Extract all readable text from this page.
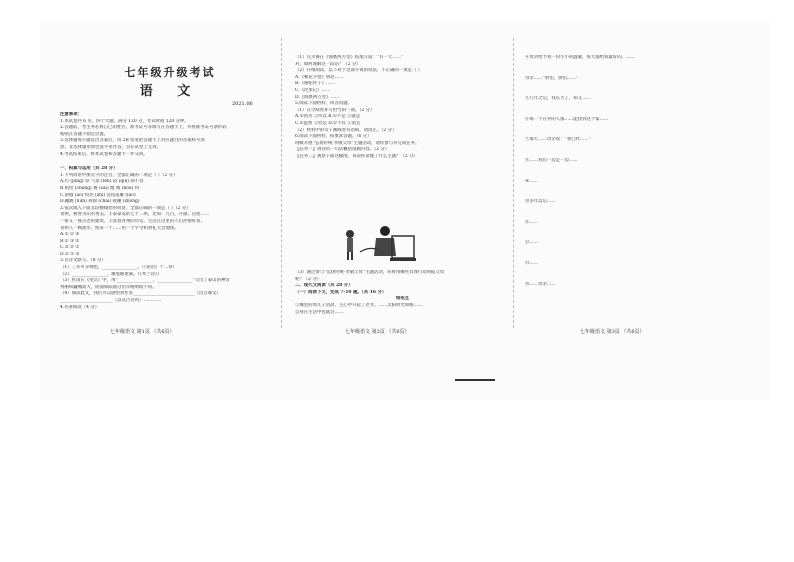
七年级升级考试
语 文
2021.06
注意事项：
1.本试卷共 6 页，四个大题，满分 120 分，考试时间 120 分钟。
2.答题前，考生务必将自己的姓名、准考证号等填写在答题卡上，并将准考证号条形码
粘贴在答题卡指定位置。
3.选择题每小题选出答案后，用 2B 铅笔把答题卡上对应题目的答案标号涂
黑；非选择题用黑色签字笔作答，答在试卷上无效。
4.考试结束后，将本试卷和答题卡一并交回。
一、积累与运用（共 28 分）
1.下列词语中加点字的注音，全都正确的一项是（ ）（2 分）
A.污 (pīng) 辱 气氛 (fēn) 较 (qiè) 刻不容
B.赔偿 (cháng) 赛 (sài) 跑 闻 (hòu) 得
C.骄傲 (ào) 炽热 (zhì) 沉鱼落雁 (luò)
D.蹦跳 (nún) 拆除 (chāi) 接踵 (zhǒng)
2.依次填入下面文段横线处的词语，全都正确的一项是（ ）（2 分）
青州，被誉为山水秀美、丰泰泰安的七十二州，比如：九百、开颜、岳屋……
一排又一座古老的建筑，丰富着青州的历史。生活在这里的人们热情好客，
青州人一顾流水，照来一个……用一个字令和赞礼大会地场。
A.① ② ③
B.① ③ ②
C.③ ② ①
D.② ① ③
3.古诗文默写。（8 分）
（1）三军可夺帅也，________________。（《论语》十二章）
（2）________________，雄兔眼迷离。（《木兰诗》）
（3）杜甫在《望岳》中，用“________________，________________”写出了泰山的神奇
秀丽和巍峨高大，阴面和阳面分出早晚明暗不同。
（4）阅读此文，我们可以感悟到作者____________________________（出自课文）
________________________（以及古诗词）…………
4.名著阅读（4 分）
（1）凡尔赛在《海底两万里》结尾写道：“有一天……”
对，如何理解这一段话？（2 分）
（2）仔细阅读，以下对于这部小说的说法，不正确的一项是（ ）
A.《朝花夕拾》鲁迅……
B.《骆驼祥子》……
C.《昆虫记》……
D.《海底两万里》……
5.阅读下面材料，回答问题。
（1）在空缺处补写恰当的一项。（2 分）
A.①因为 ②所以 B.①不是 ②就是
C.①虽然 ②但是 D.①不仅 ②而且
（2）材料中的句子画线处有语病，请改正。（2 分）
6.阅读下面材料，按要求答题。（6 分）
班级开展“弘扬传统·孝敬父母”主题活动，请你参与并完成任务。
【任务一】请你用一句话概括漫画内容。（2 分）
【任务二】观察下面这幅图，说说你读懂了什么主题？（2 分）
（3）通过参与“弘扬传统·孝敬父母”主题活动，你将用哪些具体行动回报父母
呢？（2 分）
二、现代文阅读（共 28 分）
（一）阅读下文，完成 7-10 题。（共 16 分）
相依且
①城里的坝儿子清晨，主心中升起了老爷。……太阳时光如梭……
自身在生活中也就这……
④母亲给予我一份小小的温暖，每天都给我最好的。……
母亲……“别怕，别怕……”
⑤几年之后，我长大了，却又……
⑥每一个在外的人都……能找到这个家……
⑦那天……母亲说：“我已经……”
⑧……我们一边走一边……
⑨……
⑩多年以后……
⑪……
⑫……
⑬……
⑭……母亲……
七年级语文 第1页 （共6页）	七年级语文 第2页 （共6页）	七年级语文 第3页 （共6页）
